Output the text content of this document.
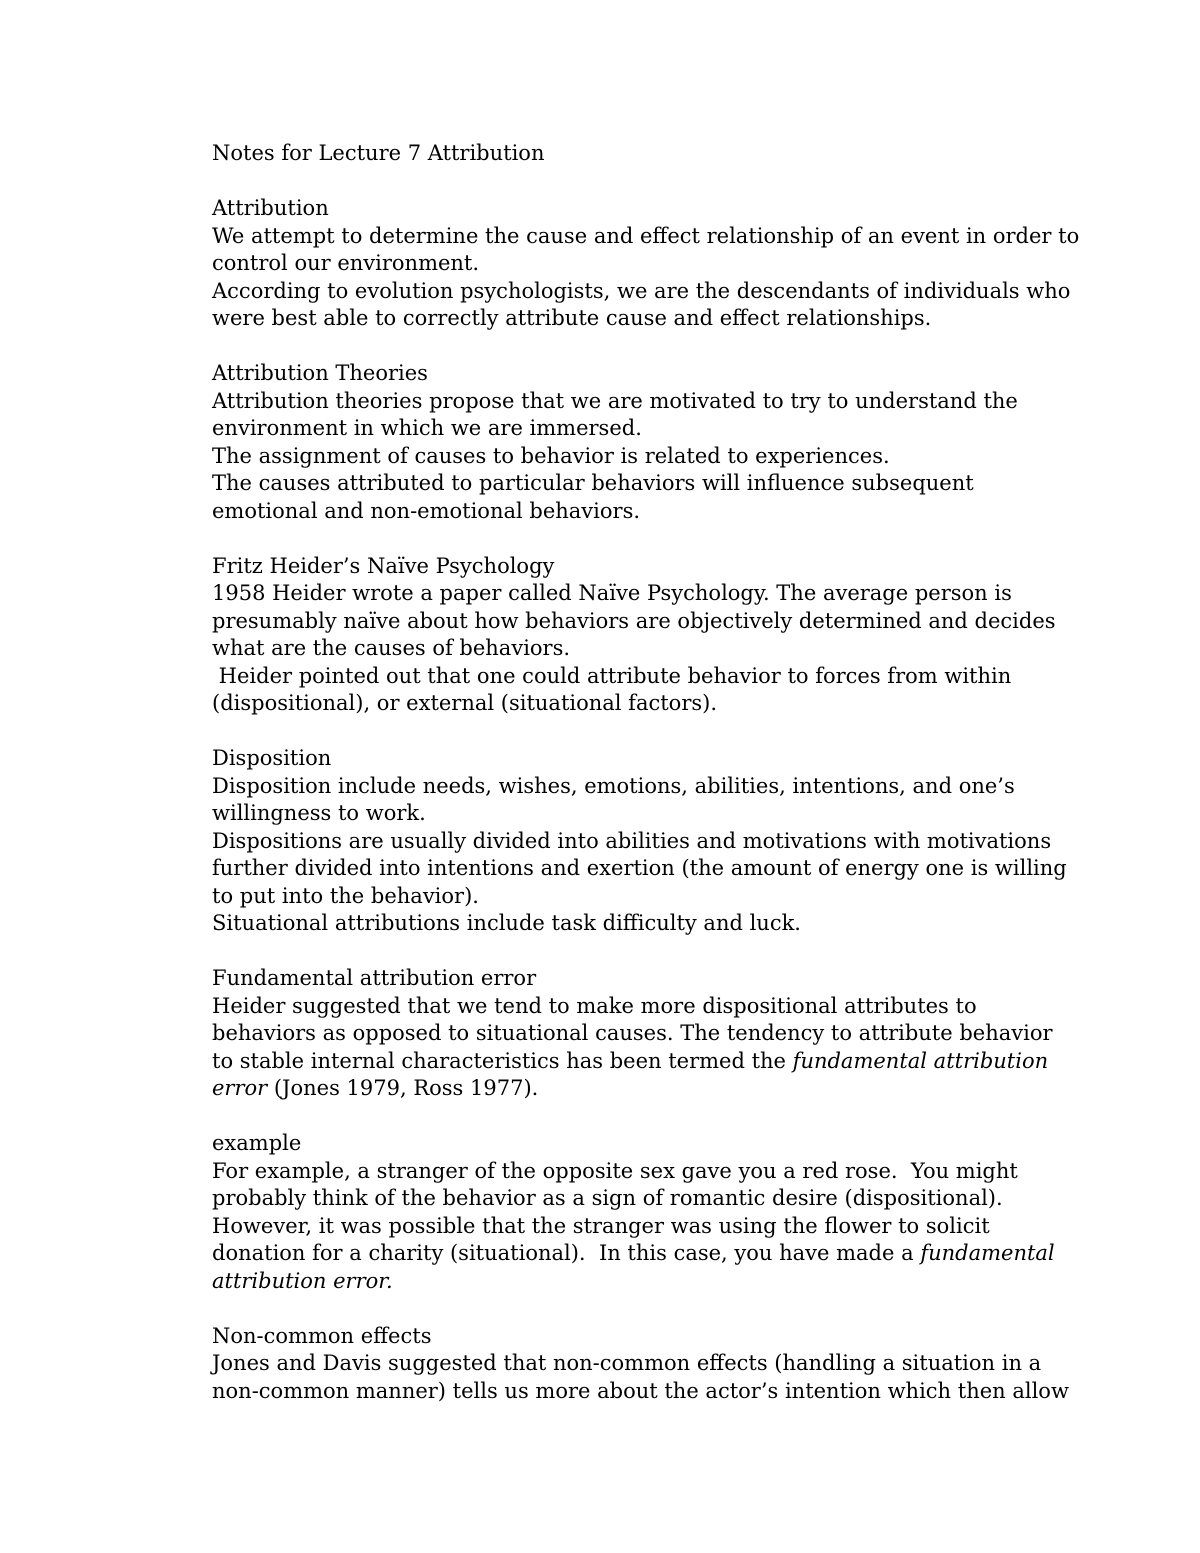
Notes for Lecture 7 Attribution

Attribution

We attempt to determine the cause and effect relationship of an event in order to

control our environment.

According to evolution psychologists, we are the descendants of individuals who

were best able to correctly attribute cause and effect relationships.

Attribution Theories

Attribution theories propose that we are motivated to try to understand the

environment in which we are immersed.

The assignment of causes to behavior is related to experiences.

The causes attributed to particular behaviors will influence subsequent

emotional and non-emotional behaviors.

Fritz Heider’s Naïve Psychology

1958 Heider wrote a paper called Naïve Psychology. The average person is

presumably naïve about how behaviors are objectively determined and decides

what are the causes of behaviors.

Heider pointed out that one could attribute behavior to forces from within

(dispositional), or external (situational factors).

Disposition

Disposition include needs, wishes, emotions, abilities, intentions, and one’s

willingness to work.

Dispositions are usually divided into abilities and motivations with motivations

further divided into intentions and exertion (the amount of energy one is willing

to put into the behavior).

Situational attributions include task difficulty and luck.

Fundamental attribution error

Heider suggested that we tend to make more dispositional attributes to

behaviors as opposed to situational causes. The tendency to attribute behavior

to stable internal characteristics has been termed the fundamental attribution

error (Jones 1979, Ross 1977).

example

For example, a stranger of the opposite sex gave you a red rose.  You might

probably think of the behavior as a sign of romantic desire (dispositional).

However, it was possible that the stranger was using the flower to solicit

donation for a charity (situational).  In this case, you have made a fundamental

attribution error.

Non-common effects

Jones and Davis suggested that non-common effects (handling a situation in a

non-common manner) tells us more about the actor’s intention which then allow
